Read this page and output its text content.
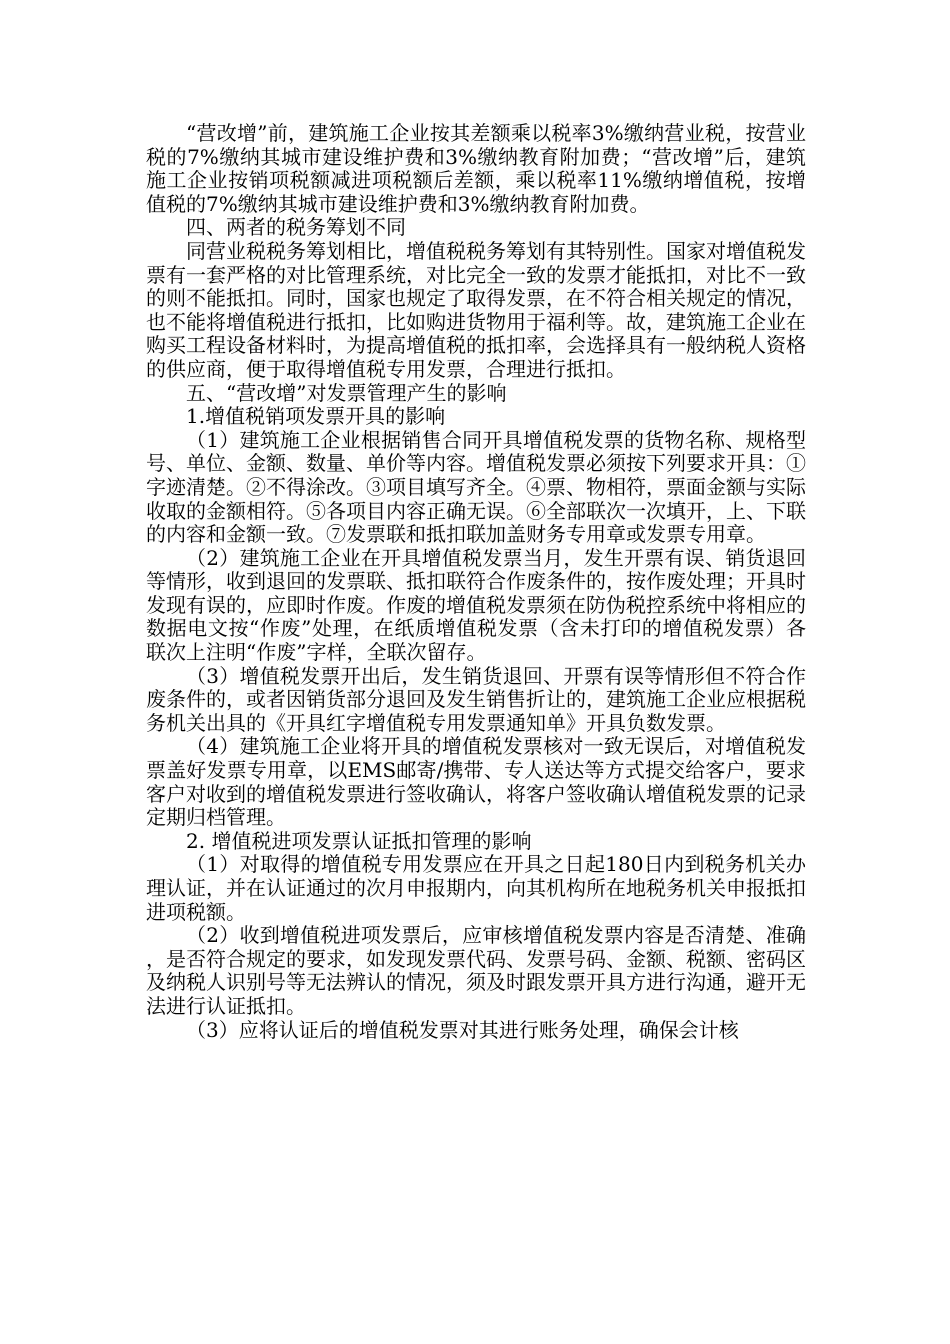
“营改增”前，建筑施工企业按其差额乘以税率3%缴纳营业税，按营业税的7%缴纳其城市建设维护费和3%缴纳教育附加费；“营改增”后，建筑施工企业按销项税额减进项税额后差额，乘以税率11%缴纳增值税，按增值税的7%缴纳其城市建设维护费和3%缴纳教育附加费。

四、两者的税务筹划不同

同营业税税务筹划相比，增值税税务筹划有其特别性。国家对增值税发票有一套严格的对比管理系统，对比完全一致的发票才能抵扣，对比不一致的则不能抵扣。同时，国家也规定了取得发票，在不符合相关规定的情况，也不能将增值税进行抵扣，比如购进货物用于福利等。故，建筑施工企业在购买工程设备材料时，为提高增值税的抵扣率，会选择具有一般纳税人资格的供应商，便于取得增值税专用发票，合理进行抵扣。

五、“营改增”对发票管理产生的影响

1.增值税销项发票开具的影响

（1）建筑施工企业根据销售合同开具增值税发票的货物名称、规格型号、单位、金额、数量、单价等内容。增值税发票必须按下列要求开具：①字迹清楚。②不得涂改。③项目填写齐全。④票、物相符，票面金额与实际收取的金额相符。⑤各项目内容正确无误。⑥全部联次一次填开，上、下联的内容和金额一致。⑦发票联和抵扣联加盖财务专用章或发票专用章。

（2）建筑施工企业在开具增值税发票当月，发生开票有误、销货退回等情形，收到退回的发票联、抵扣联符合作废条件的，按作废处理；开具时发现有误的，应即时作废。作废的增值税发票须在防伪税控系统中将相应的数据电文按“作废”处理，在纸质增值税发票（含未打印的增值税发票）各联次上注明“作废”字样，全联次留存。

（3）增值税发票开出后，发生销货退回、开票有误等情形但不符合作废条件的，或者因销货部分退回及发生销售折让的，建筑施工企业应根据税务机关出具的《开具红字增值税专用发票通知单》开具负数发票。

（4）建筑施工企业将开具的增值税发票核对一致无误后，对增值税发票盖好发票专用章，以EMS邮寄/携带、专人送达等方式提交给客户，要求客户对收到的增值税发票进行签收确认，将客户签收确认增值税发票的记录定期归档管理。

2. 增值税进项发票认证抵扣管理的影响

（1）对取得的增值税专用发票应在开具之日起180日内到税务机关办理认证，并在认证通过的次月申报期内，向其机构所在地税务机关申报抵扣进项税额。

（2）收到增值税进项发票后，应审核增值税发票内容是否清楚、准确，是否符合规定的要求，如发现发票代码、发票号码、金额、税额、密码区及纳税人识别号等无法辨认的情况，须及时跟发票开具方进行沟通，避开无法进行认证抵扣。

（3）应将认证后的增值税发票对其进行账务处理，确保会计核
